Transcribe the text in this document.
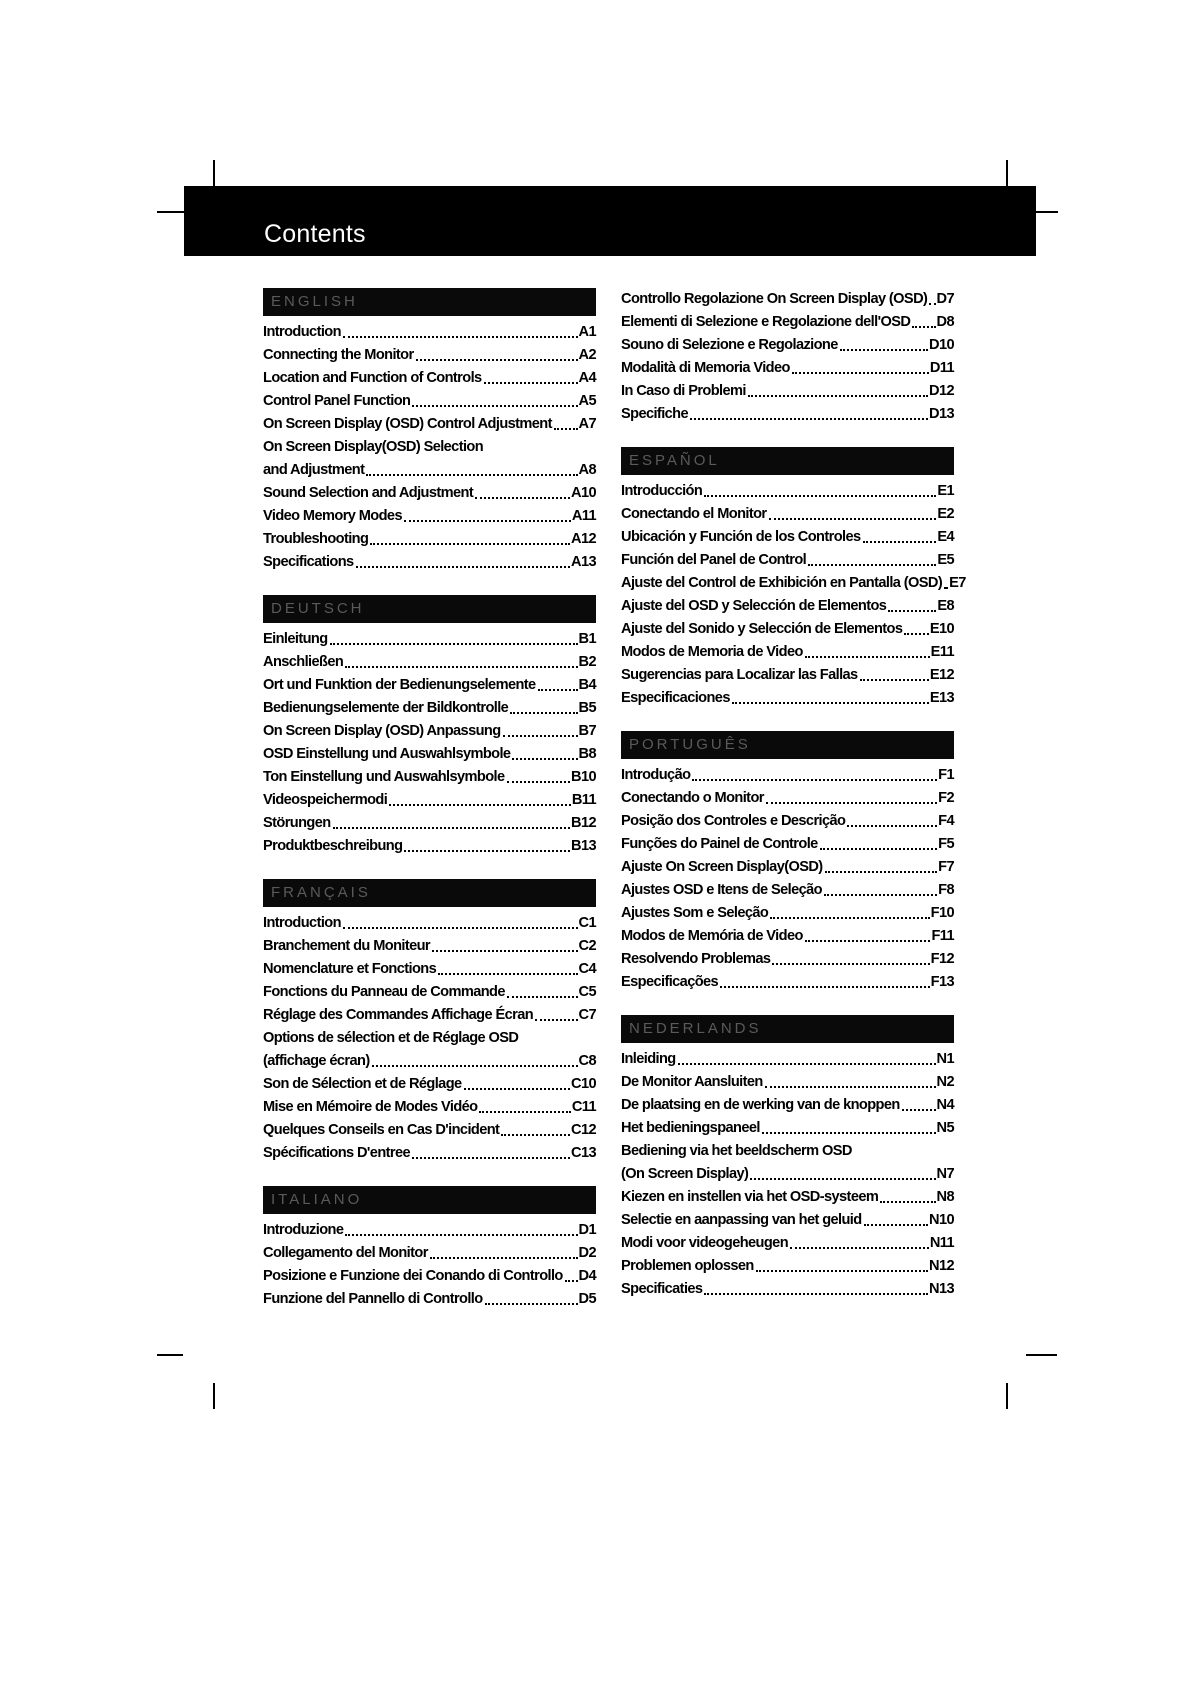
Contents
ENGLISH
Introduction	A1
Connecting the Monitor	A2
Location and Function of Controls	A4
Control Panel Function	A5
On Screen Display (OSD) Control Adjustment A7
On Screen Display(OSD) Selection
and Adjustment	A8
Sound Selection and Adjustment	A10
Video Memory Modes	A11
Troubleshooting	A12
Specifications	A13
DEUTSCH
Einleitung	B1
Anschließen	B2
Ort und Funktion der Bedienungselemente	B4
Bedienungselemente der Bildkontrolle	B5
On Screen Display (OSD) Anpassung	B7
OSD Einstellung und Auswahlsymbole	B8
Ton Einstellung und Auswahlsymbole	B10
Videospeichermodi	B11
Störungen	B12
Produktbeschreibung	B13
FRANÇAIS
Introduction	C1
Branchement du Moniteur	C2
Nomenclature et Fonctions	C4
Fonctions du Panneau de Commande	C5
Réglage des Commandes Affichage Écran	C7
Options de sélection et de Réglage OSD
(affichage écran)	C8
Son de Sélection et de Réglage	C10
Mise en Mémoire de Modes Vidéo	C11
Quelques Conseils en Cas D'incident	C12
Spécifications D'entree	C13
ITALIANO
Introduzione	D1
Collegamento del Monitor	D2
Posizione e Funzione dei Conando di Controllo D4
Funzione del Pannello di Controllo	D5
Controllo Regolazione On Screen Display (OSD) D7
Elementi di Selezione e Regolazione dell'OSD D8
Souno di Selezione e Regolazione	D10
Modalità di Memoria Video	D11
In Caso di Problemi	D12
Specifiche	D13
ESPAÑOL
Introducción	E1
Conectando el Monitor	E2
Ubicación y Función de los Controles	E4
Función del Panel de Control	E5
Ajuste del Control de Exhibición en Pantalla (OSD) E7
Ajuste del OSD y Selección de Elementos	E8
Ajuste del Sonido y Selección de Elementos E10
Modos de Memoria de Video	E11
Sugerencias para Localizar las Fallas	E12
Especificaciones	E13
PORTUGUÊS
Introdução	F1
Conectando o Monitor	F2
Posição dos Controles e Descrição	F4
Funções do Painel de Controle	F5
Ajuste On Screen Display(OSD)	F7
Ajustes OSD e Itens de Seleção	F8
Ajustes Som e Seleção	F10
Modos de Memória de Video	F11
Resolvendo Problemas	F12
Especificações	F13
NEDERLANDS
Inleiding	N1
De Monitor Aansluiten	N2
De plaatsing en de werking van de knoppen	N4
Het bedieningspaneel	N5
Bediening via het beeldscherm OSD
(On Screen Display)	N7
Kiezen en instellen via het OSD-systeem	N8
Selectie en aanpassing van het geluid	N10
Modi voor videogeheugen	N11
Problemen oplossen	N12
Specificaties	N13
